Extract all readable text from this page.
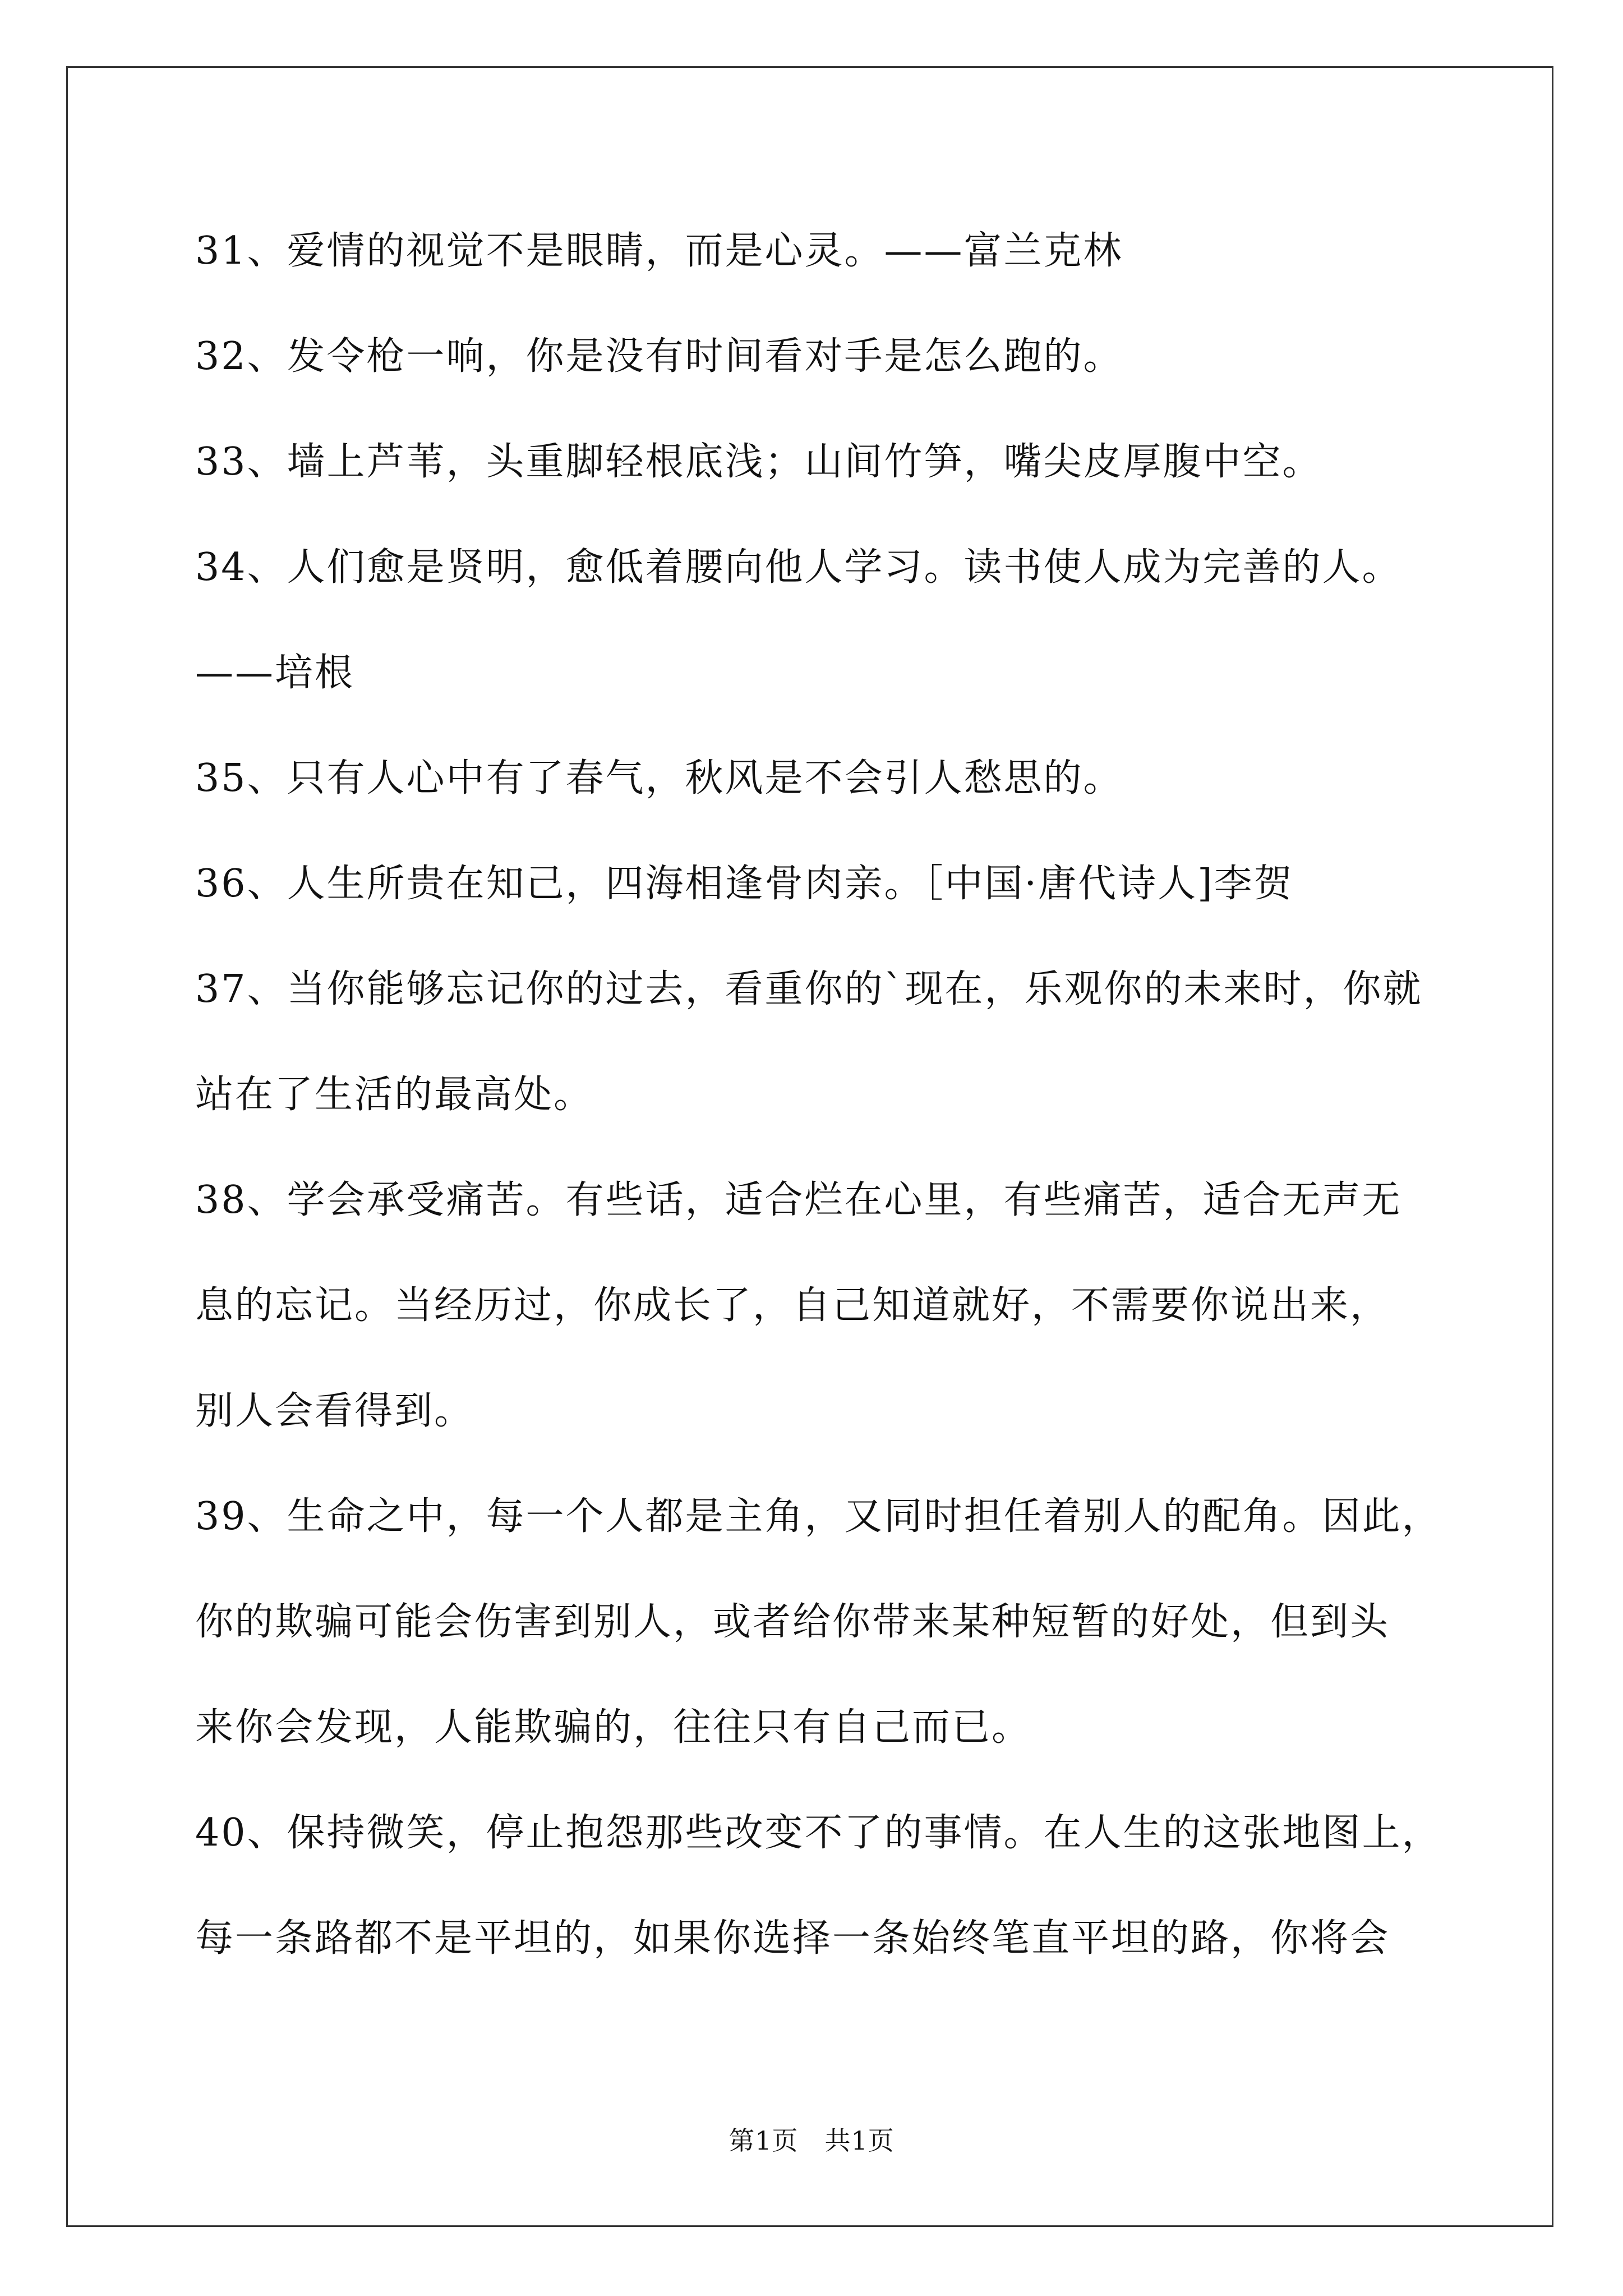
31、爱情的视觉不是眼睛，而是心灵。——富兰克林
32、发令枪一响，你是没有时间看对手是怎么跑的。
33、墙上芦苇，头重脚轻根底浅；山间竹笋，嘴尖皮厚腹中空。
34、人们愈是贤明，愈低着腰向他人学习。读书使人成为完善的人。
——培根
35、只有人心中有了春气，秋风是不会引人愁思的。
36、人生所贵在知己，四海相逢骨肉亲。［中国·唐代诗人]李贺
37、当你能够忘记你的过去，看重你的`现在，乐观你的未来时，你就
站在了生活的最高处。
38、学会承受痛苦。有些话，适合烂在心里，有些痛苦，适合无声无
息的忘记。当经历过，你成长了，自己知道就好，不需要你说出来，
别人会看得到。
39、生命之中，每一个人都是主角，又同时担任着别人的配角。因此，
你的欺骗可能会伤害到别人，或者给你带来某种短暂的好处，但到头
来你会发现，人能欺骗的，往往只有自己而已。
40、保持微笑，停止抱怨那些改变不了的事情。在人生的这张地图上，
每一条路都不是平坦的，如果你选择一条始终笔直平坦的路，你将会
第1页　共1页
